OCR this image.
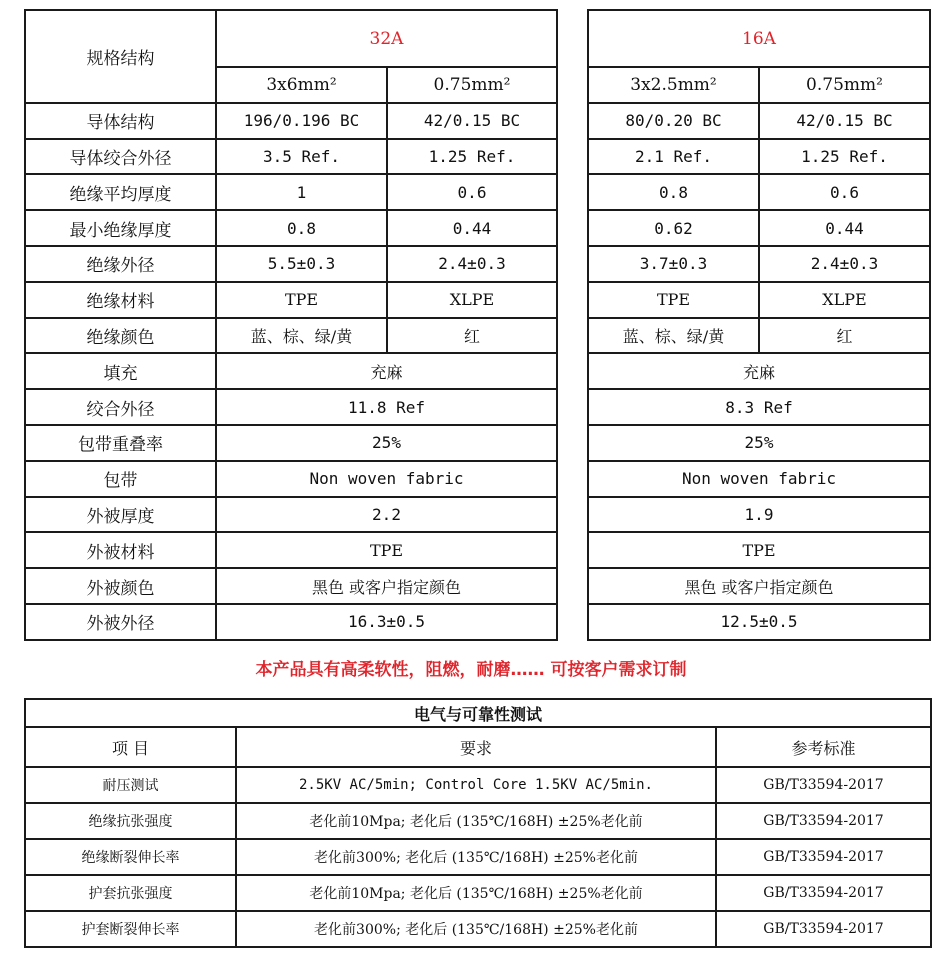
规格结构	32A	
	3x6mm²	0.75mm²
导体结构	196/0.196 BC	42/0.15 BC
导体绞合外径	3.5 Ref.	1.25 Ref.
绝缘平均厚度	1	0.6
最小绝缘厚度	0.8	0.44
绝缘外径	5.5±0.3	2.4±0.3
绝缘材料	TPE	XLPE
绝缘颜色	蓝、棕、绿/黄	红
填充	充麻	
绞合外径	11.8 Ref	
包带重叠率	25%	
包带	Non woven fabric	
外被厚度	2.2	
外被材料	TPE	
外被颜色	黑色 或客户指定颜色	
外被外径	16.3±0.5	
16A	
3x2.5mm²	0.75mm²
80/0.20 BC	42/0.15 BC
2.1 Ref.	1.25 Ref.
0.8	0.6
0.62	0.44
3.7±0.3	2.4±0.3
TPE	XLPE
蓝、棕、绿/黄	红
充麻	
8.3 Ref	
25%	
Non woven fabric	
1.9	
TPE	
黑色 或客户指定颜色	
12.5±0.5	
本产品具有高柔软性，阻燃，耐磨…… 可按客户需求订制
电气与可靠性测试		
项 目	要求	参考标准
耐压测试	2.5KV AC/5min; Control Core 1.5KV AC/5min.	GB/T33594-2017
绝缘抗张强度	老化前10Mpa; 老化后 (135℃/168H) ±25%老化前	GB/T33594-2017
绝缘断裂伸长率	老化前300%; 老化后 (135℃/168H) ±25%老化前	GB/T33594-2017
护套抗张强度	老化前10Mpa; 老化后 (135℃/168H) ±25%老化前	GB/T33594-2017
护套断裂伸长率	老化前300%; 老化后 (135℃/168H) ±25%老化前	GB/T33594-2017
